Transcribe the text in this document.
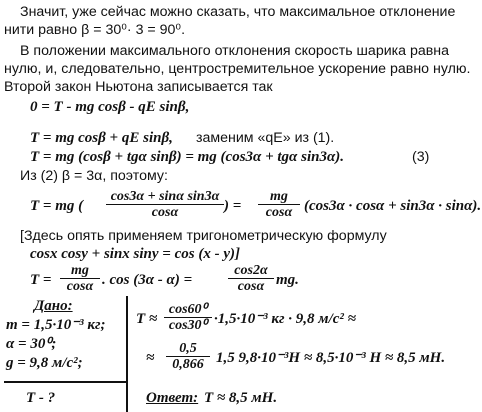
Значит, уже сейчас можно сказать, что максимальное отклонение
нити равно β = 30⁰· 3 = 90⁰.
В положении максимального отклонения скорость шарика равна
нулю, и, следовательно, центростремительное ускорение равно нулю.
Второй закон Ньютона записывается так
0 = T - mg cosβ - qE sinβ,
T = mg cosβ + qE sinβ, заменим «qE» из (1).
T = mg (cosβ + tgα sinβ) = mg (cos3α + tgα sin3α).	(3)
Из (2) β = 3α, поэтому:
T = mg ( $\frac{\text{cos3α + sinα sin3α}}{\cos\alpha}$ ) = $\frac{mg}{\cos\alpha} (\cos 3\alpha \cdot \cos\alpha + \sin 3\alpha \cdot \sin\alpha)$.
[Здесь опять применяем тригонометрическую формулу
cosx cosy + sinx siny = cos (x - y)]
$T = \frac{mg}{\cos\alpha}$ . cos (3α - α) =	$\frac{\cos 2\alpha}{\cos\alpha}$ mg.
Дано:
m = 1,5·10⁻³ кг;
α = 30⁰;
g = 9,8 м/с²;
T - ?
$T \approx \frac{\text{cos60⁰}}{\text{cos30⁰}} \cdot 1,5\cdot 10^{-3}$ кг · 9,8 м/с² ≈
≈ $\frac{0,5}{0,866} 1,5$ 9,8·10⁻³H ≈ 8,5·10⁻³ H ≈ 8,5 мН.
Ответ: T ≈ 8,5 мН.
